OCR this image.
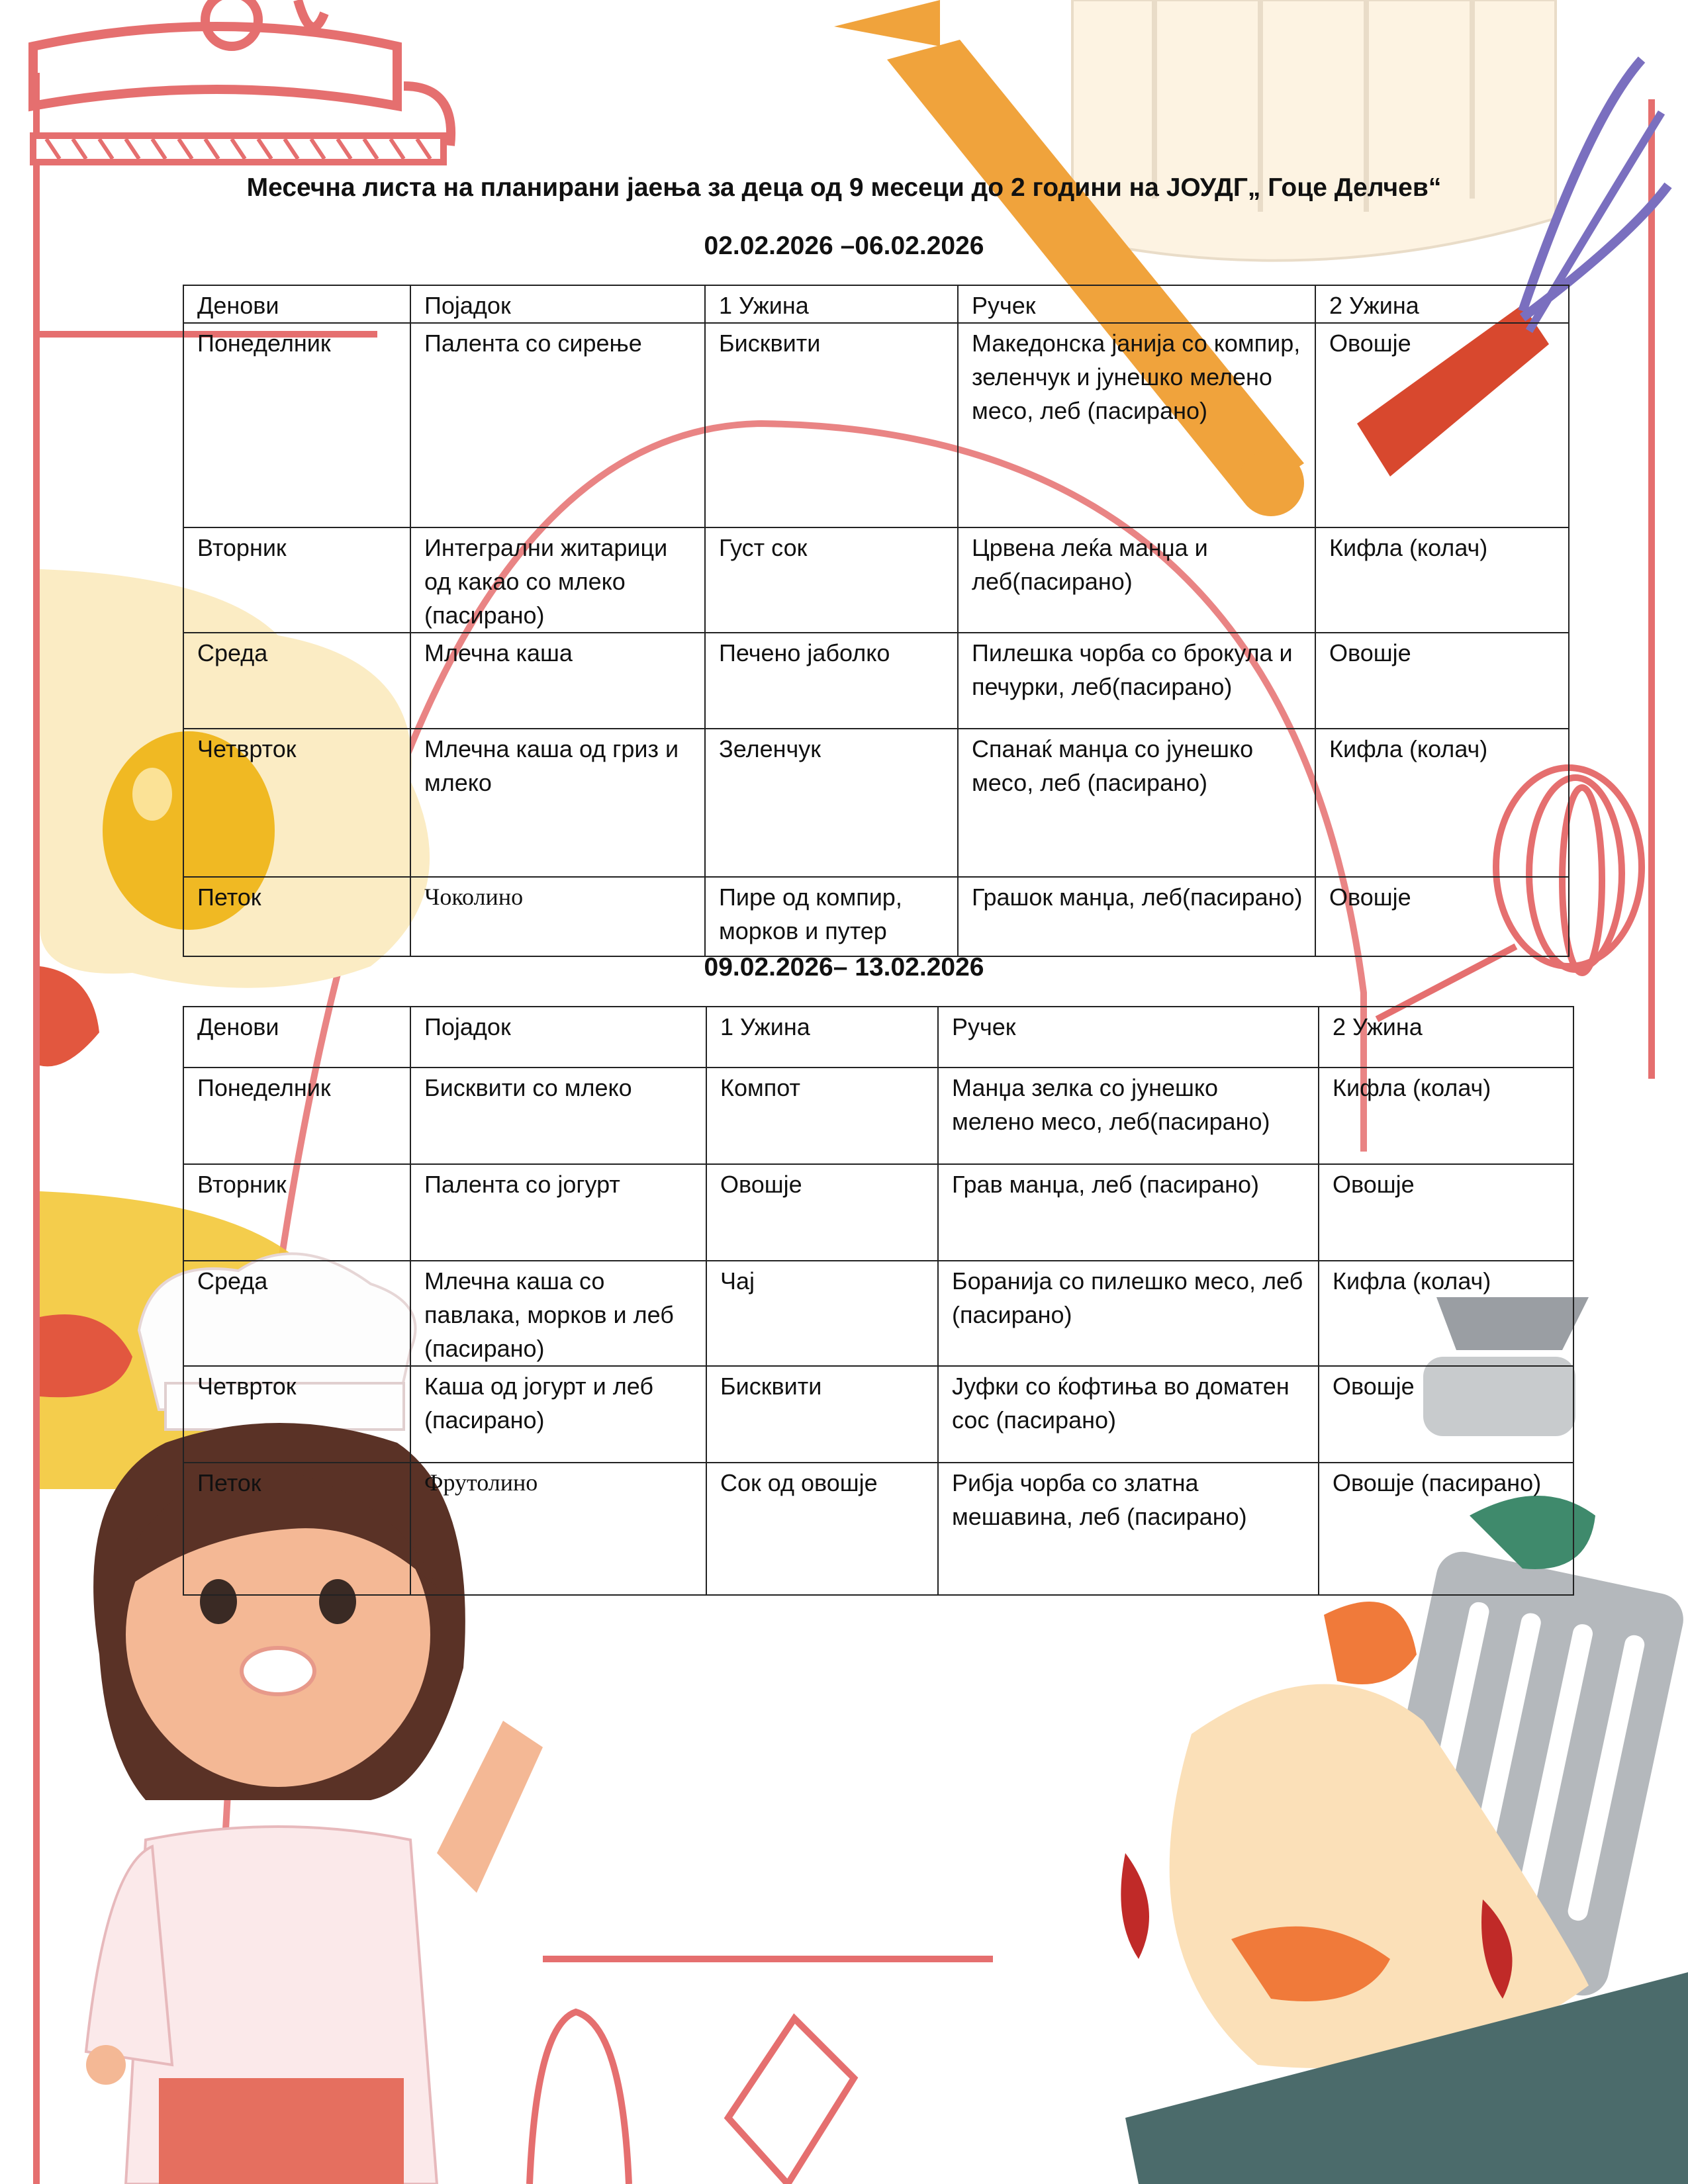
Месечна листа на планирани јаења за деца од 9 месеци до 2 години на ЈОУДГ„ Гоце Делчев“
02.02.2026 –06.02.2026
Денови	Појадок	1 Ужина	Ручек	2 Ужина
Понеделник	Палента со сирење	Бисквити	Македонска јанија со компир, зеленчук и јунешко мелено месо, леб (пасирано)	Овошје
Вторник	Интегрални житарици од какао со млеко (пасирано)	Густ сок	Црвена леќа манџа и леб(пасирано)	Кифла (колач)
Среда	Млечна каша	Печено јаболко	Пилешка чорба со брокула и печурки, леб(пасирано)	Овошје
Четврток	Млечна каша од гриз и млеко	Зеленчук	Спанаќ манџа со јунешко месо, леб (пасирано)	Кифла (колач)
Петок	Чоколино	Пире од компир, морков и путер	Грашок манџа, леб(пасирано)	Овошје
09.02.2026– 13.02.2026
Денови	Појадок	1 Ужина	Ручек	2 Ужина
Понеделник	Бисквити со млеко	Компот	Манџа зелка со јунешко мелено месо, леб(пасирано)	Кифла (колач)
Вторник	Палента со јогурт	Овошје	Грав манџа, леб (пасирано)	Овошје
Среда	Млечна каша со павлака, морков и леб (пасирано)	Чај	Боранија со пилешко месо, леб (пасирано)	Кифла (колач)
Четврток	Каша од јогурт и леб (пасирано)	Бисквити	Јуфки со ќофтиња во доматен сос (пасирано)	Овошје
Петок	Фрутолино	Сок од овошје	Рибја чорба со златна мешавина, леб (пасирано)	Овошје (пасирано)
